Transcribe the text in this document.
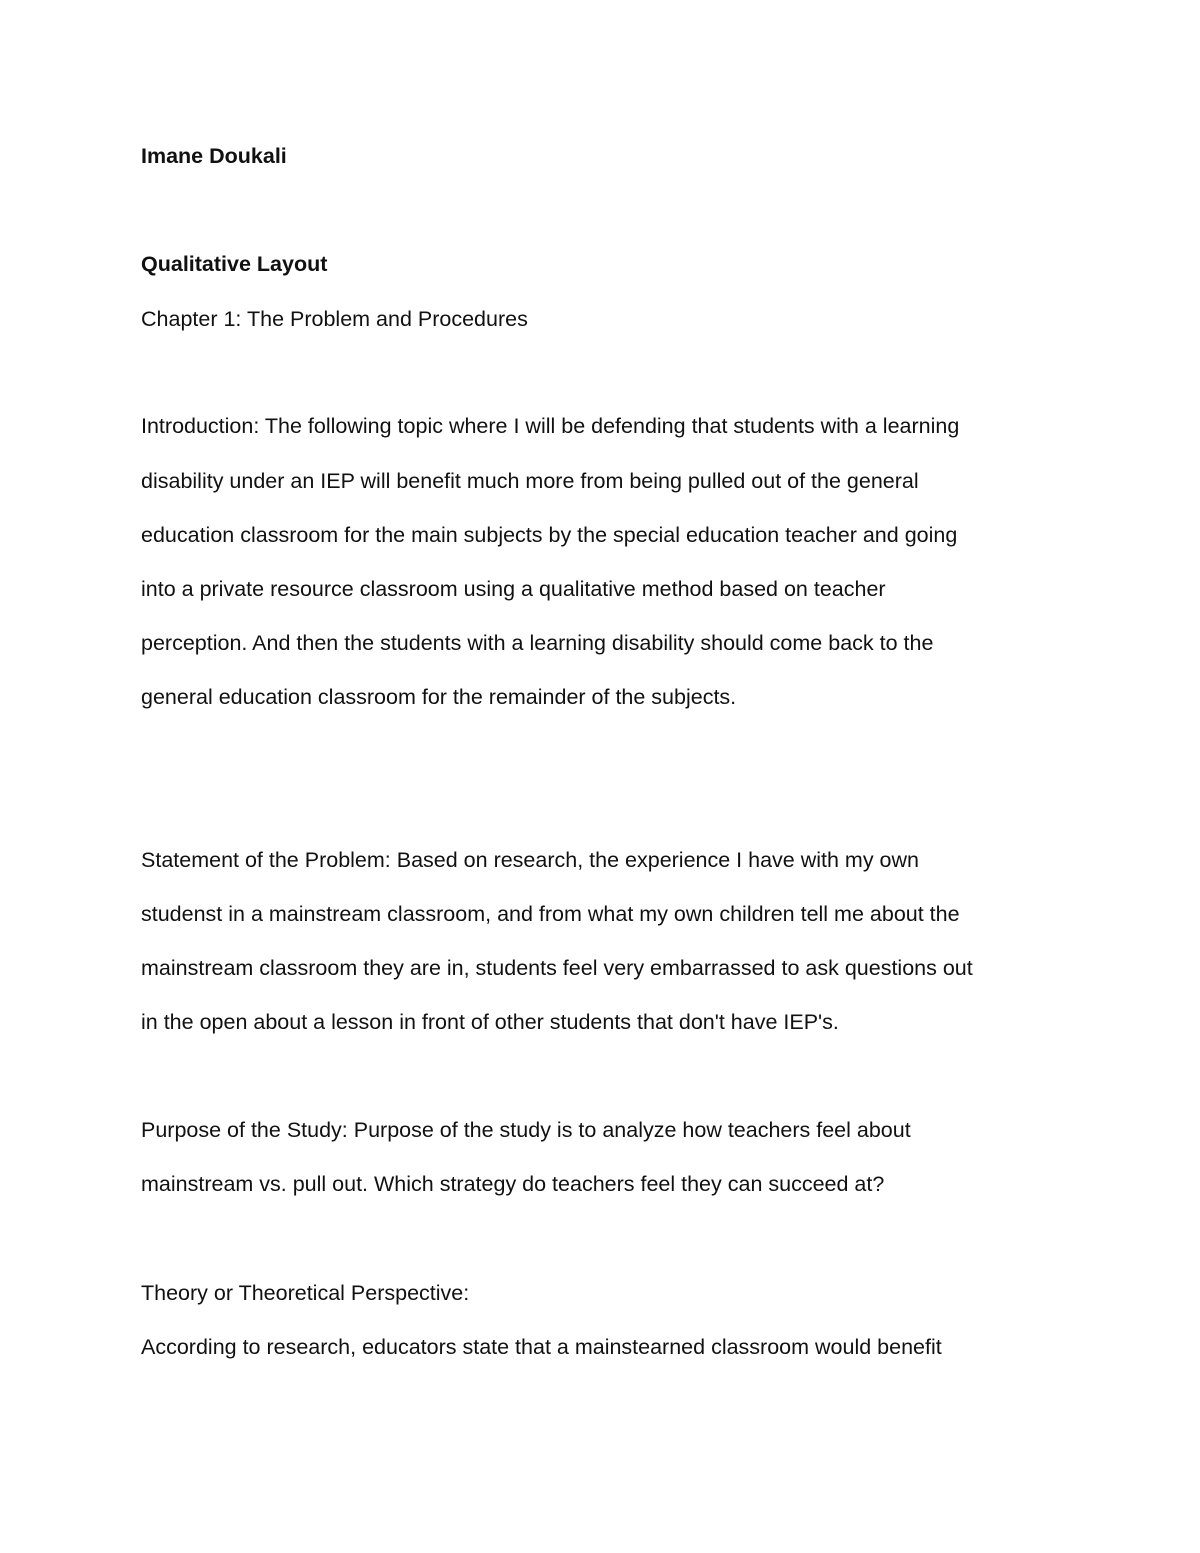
Imane Doukali

Qualitative Layout

Chapter 1: The Problem and Procedures

Introduction: The following topic where I will be defending that students with a learning

disability under an IEP will benefit much more from being pulled out of the general

education classroom for the main subjects by the special education teacher and going

into a private resource classroom using a qualitative method based on teacher

perception. And then the students with a learning disability should come back to the

general education classroom for the remainder of the subjects.

Statement of the Problem: Based on research, the experience I have with my own

studenst in a mainstream classroom, and from what my own children tell me about the

mainstream classroom they are in, students feel very embarrassed to ask questions out

in the open about a lesson in front of other students that don't have IEP's.

Purpose of the Study: Purpose of the study is to analyze how teachers feel about

mainstream vs. pull out. Which strategy do teachers feel they can succeed at?

Theory or Theoretical Perspective:

According to research, educators state that a mainstearned classroom would benefit
